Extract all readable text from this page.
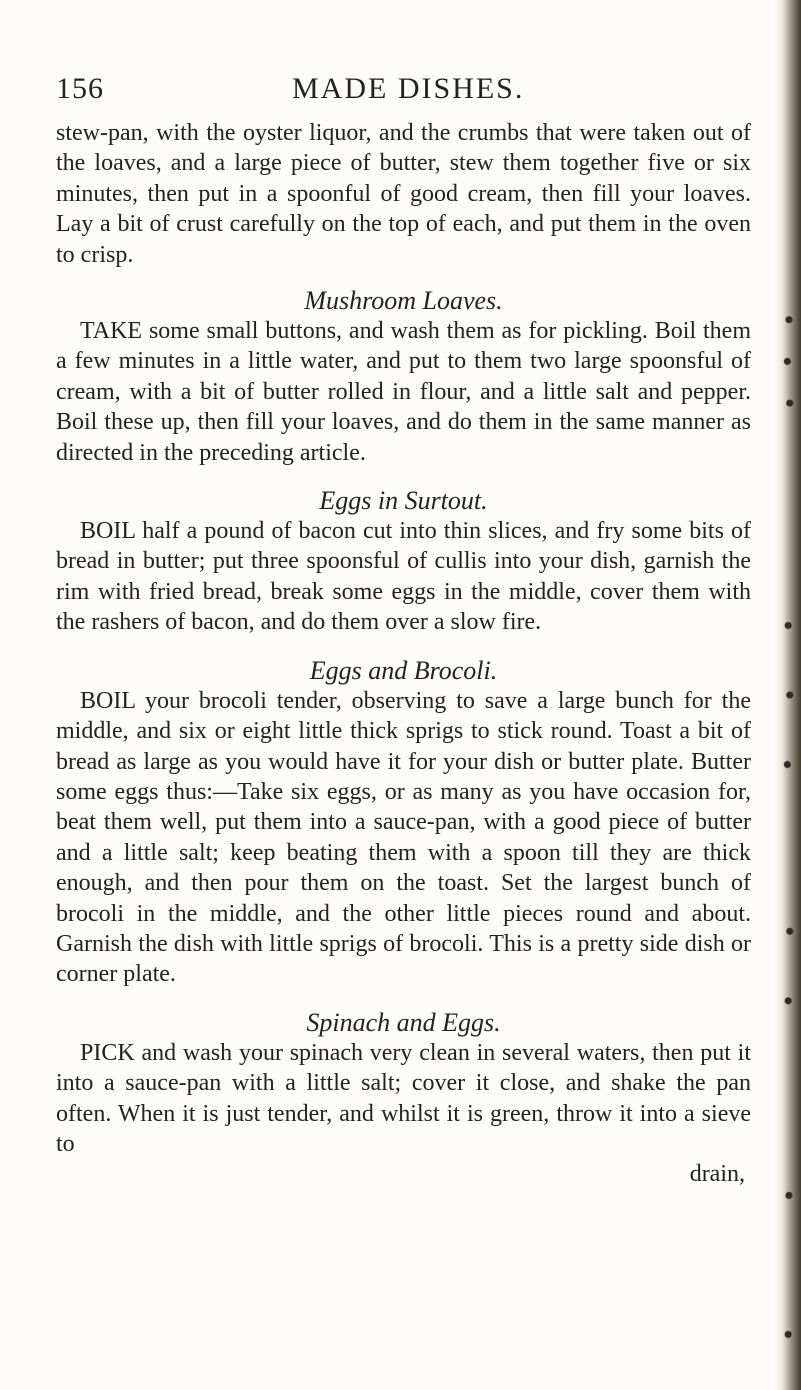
156	MADE DISHES.

stew-pan, with the oyster liquor, and the crumbs that were taken out of the loaves, and a large piece of butter, stew them together five or six minutes, then put in a spoonful of good cream, then fill your loaves. Lay a bit of crust carefully on the top of each, and put them in the oven to crisp.

Mushroom Loaves.

TAKE some small buttons, and wash them as for pickling. Boil them a few minutes in a little water, and put to them two large spoonsful of cream, with a bit of butter rolled in flour, and a little salt and pepper. Boil these up, then fill your loaves, and do them in the same manner as directed in the preceding article.

Eggs in Surtout.

BOIL half a pound of bacon cut into thin slices, and fry some bits of bread in butter; put three spoonsful of cullis into your dish, garnish the rim with fried bread, break some eggs in the middle, cover them with the rashers of bacon, and do them over a slow fire.

Eggs and Brocoli.

BOIL your brocoli tender, observing to save a large bunch for the middle, and six or eight little thick sprigs to stick round. Toast a bit of bread as large as you would have it for your dish or butter plate. Butter some eggs thus:—Take six eggs, or as many as you have occasion for, beat them well, put them into a sauce-pan, with a good piece of butter and a little salt; keep beating them with a spoon till they are thick enough, and then pour them on the toast. Set the largest bunch of brocoli in the middle, and the other little pieces round and about. Garnish the dish with little sprigs of brocoli. This is a pretty side dish or corner plate.

Spinach and Eggs.

PICK and wash your spinach very clean in several waters, then put it into a sauce-pan with a little salt; cover it close, and shake the pan often. When it is just tender, and whilst it is green, throw it into a sieve to

drain,
